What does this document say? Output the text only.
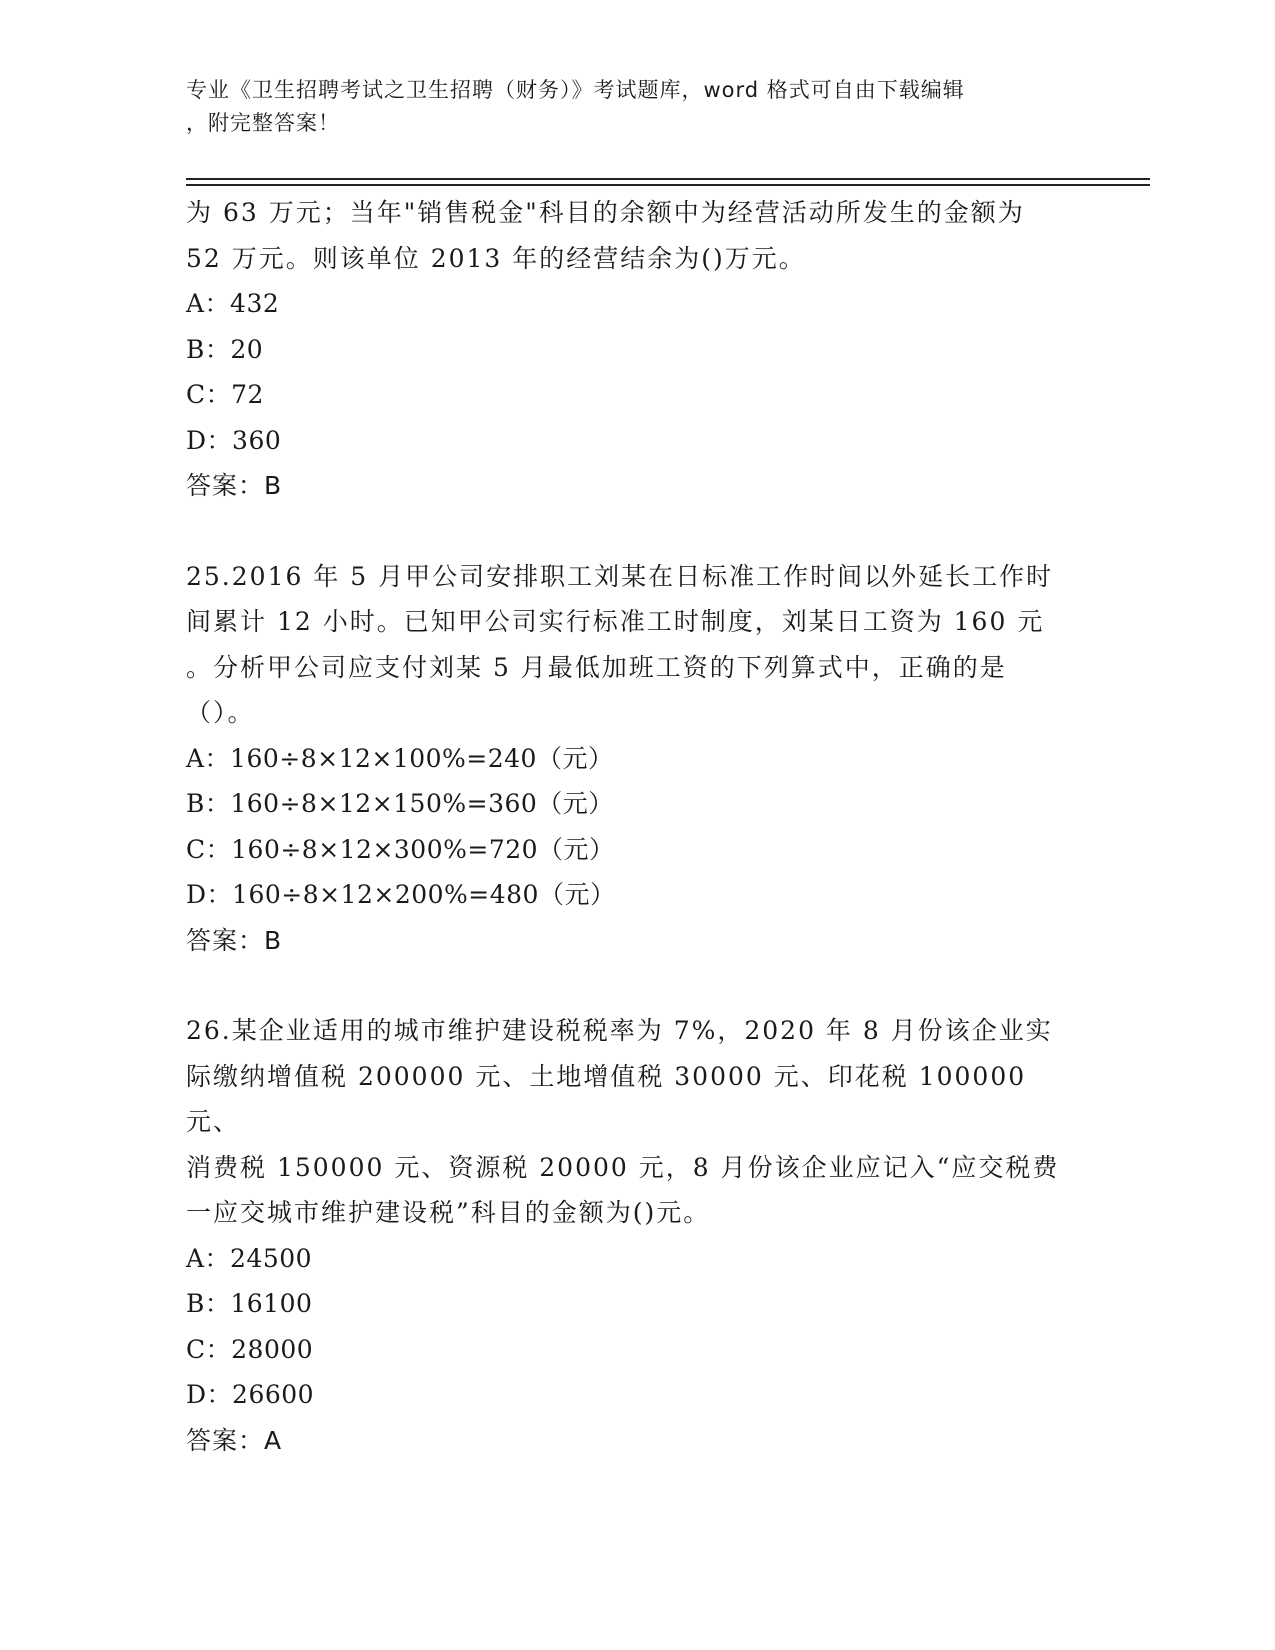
专业《卫生招聘考试之卫生招聘（财务）》考试题库，word 格式可自由下载编辑
，附完整答案！

为 63 万元；当年"销售税金"科目的余额中为经营活动所发生的金额为

52 万元。则该单位 2013 年的经营结余为()万元。

A：432

B：20

C：72

D：360

答案：B

25.2016 年 5 月甲公司安排职工刘某在日标准工作时间以外延长工作时

间累计 12 小时。已知甲公司实行标准工时制度，刘某日工资为 160 元

。分析甲公司应支付刘某 5 月最低加班工资的下列算式中，正确的是

（）。

A：160÷8×12×100%=240（元）

B：160÷8×12×150%=360（元）

C：160÷8×12×300%=720（元）

D：160÷8×12×200%=480（元）

答案：B

26.某企业适用的城市维护建设税税率为 7%，2020 年 8 月份该企业实

际缴纳增值税 200000 元、土地增值税 30000 元、印花税 100000 元、

消费税 150000 元、资源税 20000 元，8 月份该企业应记入“应交税费

一应交城市维护建设税”科目的金额为()元。

A：24500

B：16100

C：28000

D：26600

答案：A
